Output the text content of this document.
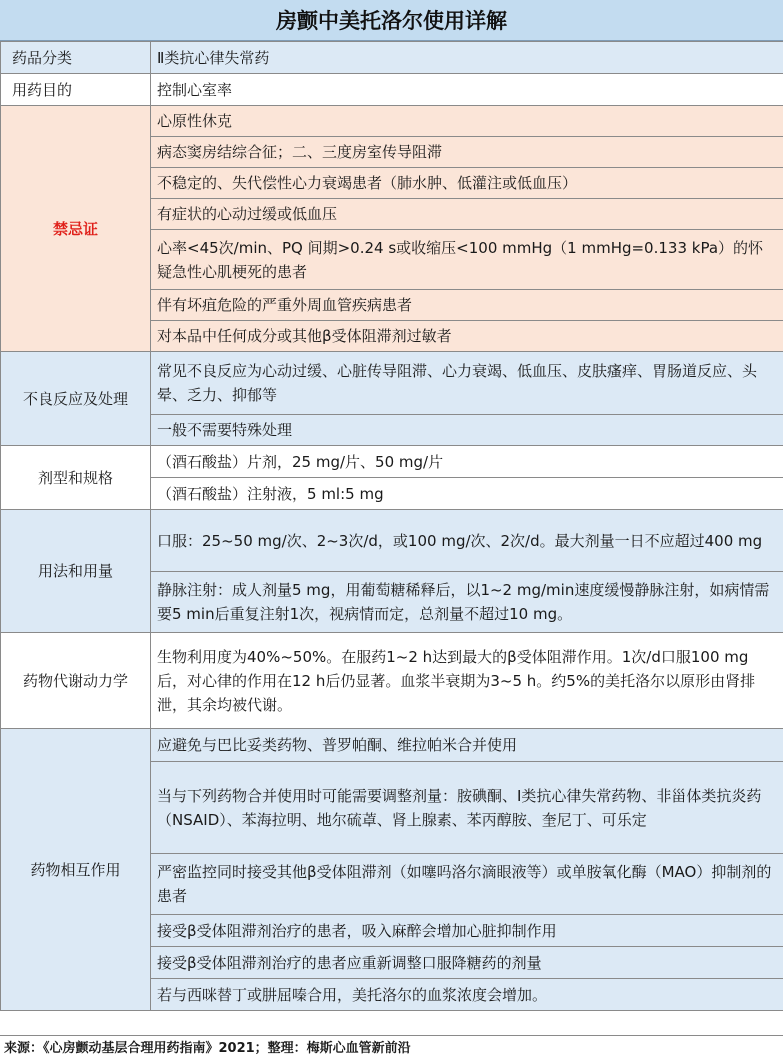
房颤中美托洛尔使用详解
药品分类	Ⅱ类抗心律失常药
用药目的	控制心室率
禁忌证	心原性休克
	病态窦房结综合征；二、三度房室传导阻滞
	不稳定的、失代偿性心力衰竭患者（肺水肿、低灌注或低血压）
	有症状的心动过缓或低血压
	心率<45次/min、PQ 间期>0.24 s或收缩压<100 mmHg（1 mmHg=0.133 kPa）的怀疑急性心肌梗死的患者
	伴有坏疽危险的严重外周血管疾病患者
	对本品中任何成分或其他β受体阻滞剂过敏者
不良反应及处理	常见不良反应为心动过缓、心脏传导阻滞、心力衰竭、低血压、皮肤瘙痒、胃肠道反应、头晕、乏力、抑郁等
	一般不需要特殊处理
剂型和规格	（酒石酸盐）片剂，25 mg/片、50 mg/片
	（酒石酸盐）注射液，5 ml:5 mg
用法和用量	口服：25~50 mg/次、2~3次/d，或100 mg/次、2次/d。最大剂量一日不应超过400 mg
	静脉注射：成人剂量5 mg，用葡萄糖稀释后，以1~2 mg/min速度缓慢静脉注射，如病情需要5 min后重复注射1次，视病情而定，总剂量不超过10 mg。
药物代谢动力学	生物利用度为40%~50%。在服药1~2 h达到最大的β受体阻滞作用。1次/d口服100 mg后，对心律的作用在12 h后仍显著。血浆半衰期为3~5 h。约5%的美托洛尔以原形由肾排泄，其余均被代谢。
药物相互作用	应避免与巴比妥类药物、普罗帕酮、维拉帕米合并使用
	当与下列药物合并使用时可能需要调整剂量：胺碘酮、Ⅰ类抗心律失常药物、非甾体类抗炎药（NSAID）、苯海拉明、地尔硫䓬、肾上腺素、苯丙醇胺、奎尼丁、可乐定
	严密监控同时接受其他β受体阻滞剂（如噻吗洛尔滴眼液等）或单胺氧化酶（MAO）抑制剂的患者
	接受β受体阻滞剂治疗的患者，吸入麻醉会增加心脏抑制作用
	接受β受体阻滞剂治疗的患者应重新调整口服降糖药的剂量
	若与西咪替丁或肼屈嗪合用，美托洛尔的血浆浓度会增加。
来源：《心房颤动基层合理用药指南》2021；整理：梅斯心血管新前沿
